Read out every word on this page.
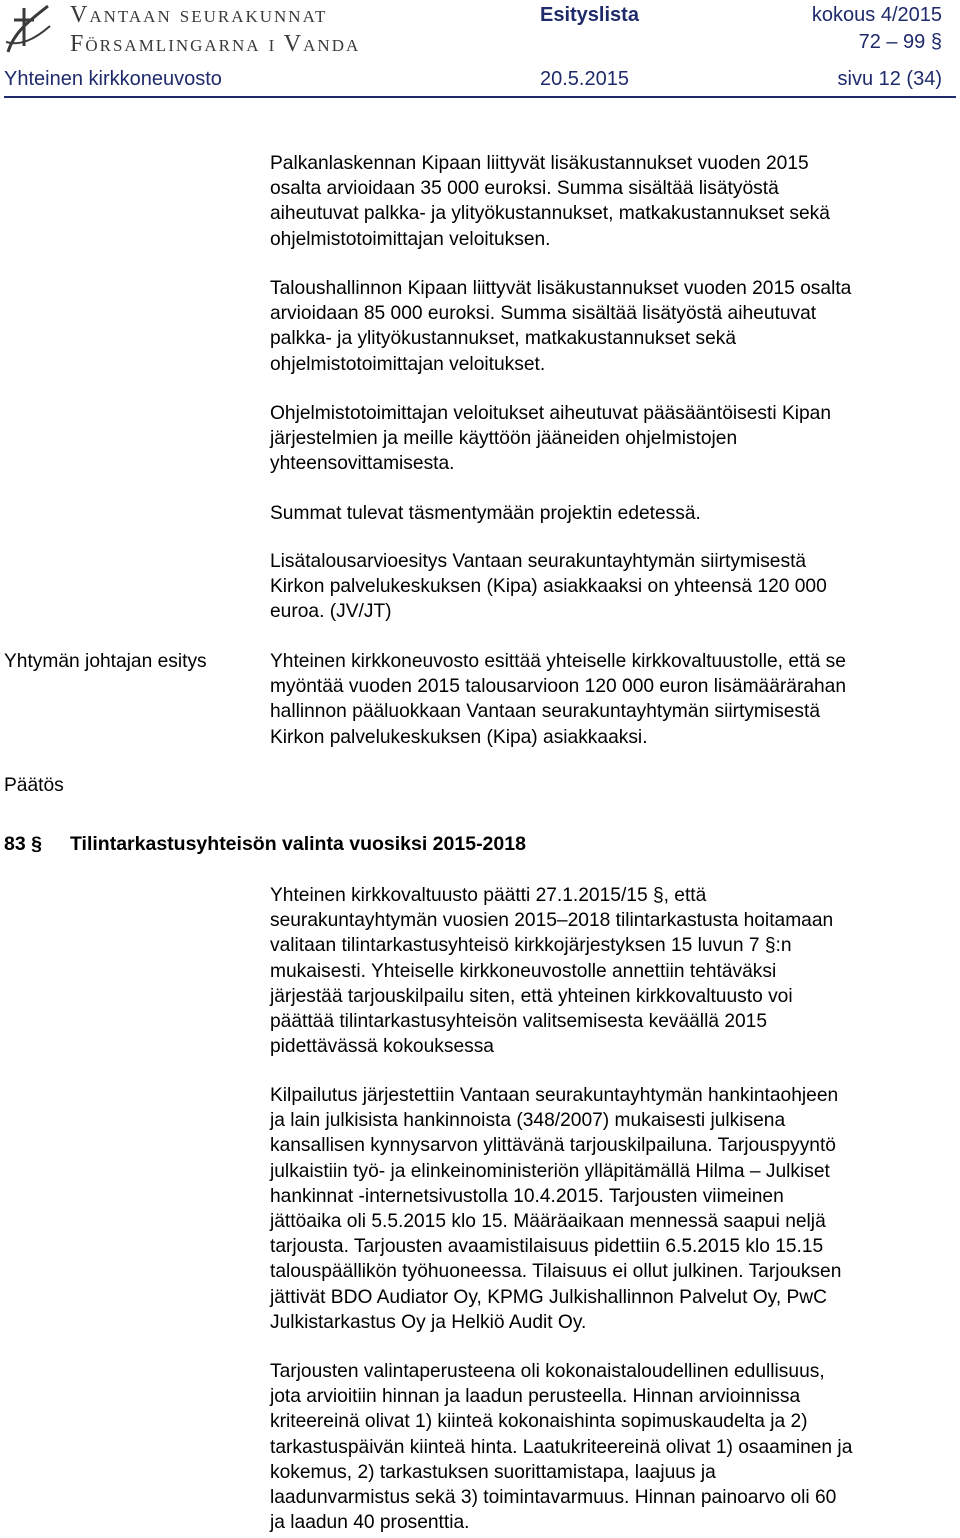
Vantaan seurakunnat
Församlingarna i Vanda
Esityslista	kokous 4/2015
72 – 99 §
Yhteinen kirkkoneuvosto	20.5.2015	sivu 12 (34)

Palkanlaskennan Kipaan liittyvät lisäkustannukset vuoden 2015
osalta arvioidaan 35 000 euroksi. Summa sisältää lisätyöstä
aiheutuvat palkka- ja ylityökustannukset, matkakustannukset sekä
ohjelmistotoimittajan veloituksen.

Taloushallinnon Kipaan liittyvät lisäkustannukset vuoden 2015 osalta
arvioidaan 85 000 euroksi. Summa sisältää lisätyöstä aiheutuvat
palkka- ja ylityökustannukset, matkakustannukset sekä
ohjelmistotoimittajan veloitukset.

Ohjelmistotoimittajan veloitukset aiheutuvat pääsääntöisesti Kipan
järjestelmien ja meille käyttöön jääneiden ohjelmistojen
yhteensovittamisesta.

Summat tulevat täsmentymään projektin edetessä.

Lisätalousarvioesitys Vantaan seurakuntayhtymän siirtymisestä
Kirkon palvelukeskuksen (Kipa) asiakkaaksi on yhteensä 120 000
euroa. (JV/JT)

Yhtymän johtajan esitys	Yhteinen kirkkoneuvosto esittää yhteiselle kirkkovaltuustolle, että se
myöntää vuoden 2015 talousarvioon 120 000 euron lisämäärärahan
hallinnon pääluokkaan Vantaan seurakuntayhtymän siirtymisestä
Kirkon palvelukeskuksen (Kipa) asiakkaaksi.

Päätös
83 § Tilintarkastusyhteisön valinta vuosiksi 2015-2018

Yhteinen kirkkovaltuusto päätti 27.1.2015/15 §, että
seurakuntayhtymän vuosien 2015–2018 tilintarkastusta hoitamaan
valitaan tilintarkastusyhteisö kirkkojärjestyksen 15 luvun 7 §:n
mukaisesti. Yhteiselle kirkkoneuvostolle annettiin tehtäväksi
järjestää tarjouskilpailu siten, että yhteinen kirkkovaltuusto voi
päättää tilintarkastusyhteisön valitsemisesta keväällä 2015
pidettävässä kokouksessa

Kilpailutus järjestettiin Vantaan seurakuntayhtymän hankintaohjeen
ja lain julkisista hankinnoista (348/2007) mukaisesti julkisena
kansallisen kynnysarvon ylittävänä tarjouskilpailuna. Tarjouspyyntö
julkaistiin työ- ja elinkeinoministeriön ylläpitämällä Hilma – Julkiset
hankinnat -internetsivustolla 10.4.2015. Tarjousten viimeinen
jättöaika oli 5.5.2015 klo 15. Määräaikaan mennessä saapui neljä
tarjousta. Tarjousten avaamistilaisuus pidettiin 6.5.2015 klo 15.15
talouspäällikön työhuoneessa. Tilaisuus ei ollut julkinen. Tarjouksen
jättivät BDO Audiator Oy, KPMG Julkishallinnon Palvelut Oy, PwC
Julkistarkastus Oy ja Helkiö Audit Oy.

Tarjousten valintaperusteena oli kokonaistaloudellinen edullisuus,
jota arvioitiin hinnan ja laadun perusteella. Hinnan arvioinnissa
kriteereinä olivat 1) kiinteä kokonaishinta sopimuskaudelta ja 2)
tarkastuspäivän kiinteä hinta. Laatukriteereinä olivat 1) osaaminen ja
kokemus, 2) tarkastuksen suorittamistapa, laajuus ja
laadunvarmistus sekä 3) toimintavarmuus. Hinnan painoarvo oli 60
ja laadun 40 prosenttia.
